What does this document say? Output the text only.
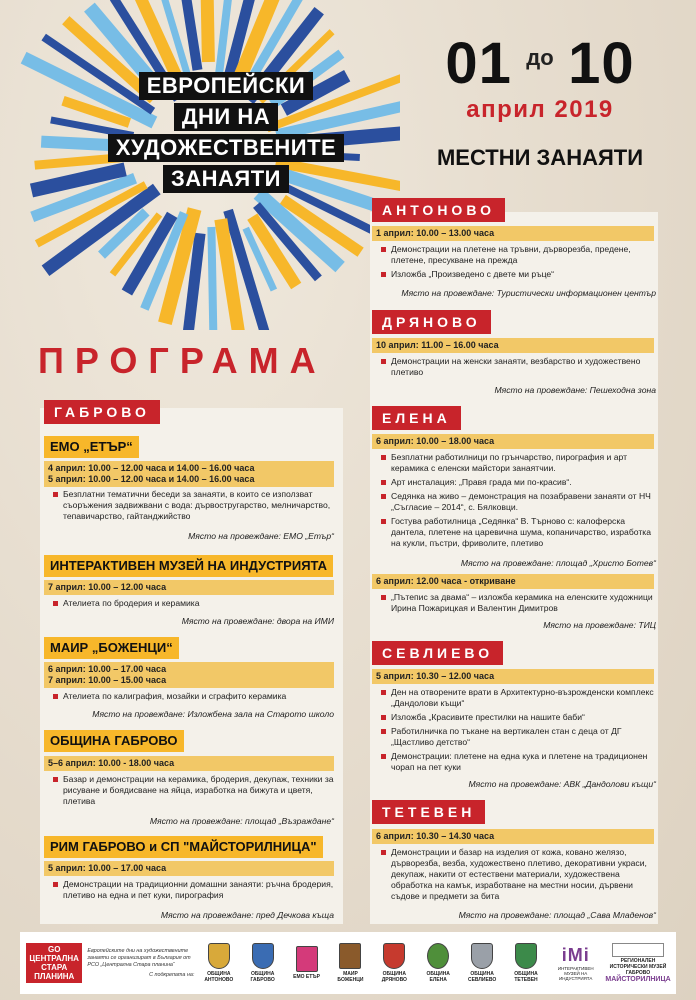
ЕВРОПЕЙСКИ
ДНИ НА
ХУДОЖЕСТВЕНИТЕ
ЗАНАЯТИ
01 до 10
април 2019
МЕСТНИ ЗАНАЯТИ
ПРОГРАМА
ГАБРОВО
ЕМО „ЕТЪР“
4 април: 10.00 – 12.00 часа и 14.00 – 16.00 часа
5 април: 10.00 – 12.00 часа и 14.00 – 16.00 часа
Безплатни тематични беседи за занаяти, в които се използват съоръжения задвижвани с вода: дървостругарство, мелничарство, тепавичарство, гайтанджийство
Място на провеждане: ЕМО „Етър“
ИНТЕРАКТИВЕН МУЗЕЙ НА ИНДУСТРИЯТА
7 април: 10.00 – 12.00 часа
Ателиета по бродерия и керамика
Място на провеждане: двора на ИМИ
МАИР „БОЖЕНЦИ“
6 април: 10.00 – 17.00 часа
7 април: 10.00 – 15.00 часа
Ателиета по калиграфия, мозайки и сграфито керамика
Място на провеждане: Изложбена зала на Старото школо
ОБЩИНА ГАБРОВО
5–6 април: 10.00 - 18.00 часа
Базар и демонстрации на керамика, бродерия, декупаж, техники за рисуване и боядисване на яйца, изработка на бижута и цветя, плетива
Място на провеждане: площад „Възраждане“
РИМ ГАБРОВО и СП "МАЙСТОРИЛНИЦА"
5 април: 10.00 – 17.00 часа
Демонстрации на традиционни домашни занаяти: ръчна бродерия, плетиво на една и пет куки, пирография
Място на провеждане: пред Дечкова къща
АНТОНОВО
1 април: 10.00 – 13.00 часа
Демонстрации на плетене на тръвни, дърворезба, предене, плетене, пресукване на прежда
Изложба „Произведено с двете ми ръце“
Място на провеждане: Туристически информационен център
ДРЯНОВО
10 април: 11.00 – 16.00 часа
Демонстрации на женски занаяти, везбарство и художествено плетиво
Място на провеждане: Пешеходна зона
ЕЛЕНА
6 април: 10.00 – 18.00 часа
Безплатни работилници по грънчарство, пирография и арт керамика с еленски майстори занаятчии.
Арт инсталация: „Правя града ми по-красив“.
Седянка на живо – демонстрация на позабравени занаяти от НЧ „Съгласие – 2014“, с. Бялковци.
Гостува работилница „Седянка“ В. Търново с: калоферска дантела, плетене на царевична шума, копаничарство, изработка на кукли, пъстри, фриволите, плетиво
Място на провеждане: площад „Христо Ботев“
6 април: 12.00 часа - откриване
„Пътепис за двама“ – изложба керамика на еленските художници Ирина Пожарицкая и Валентин Димитров
Място на провеждане: ТИЦ
СЕВЛИЕВО
5 април: 10.30 – 12.00 часа
Ден на отворените врати в Архитектурно-възрожденски комплекс „Дандолови къщи“
Изложба „Красивите престилки на нашите баби“
Работилничка по тъкане на вертикален стан с деца от ДГ „Щастливо детство“
Демонстрации: плетене на една кука и плетене на традиционен чорап на пет куки
Място на провеждане: АВК „Дандолови къщи“
ТЕТЕВЕН
6 април: 10.30 – 14.30 часа
Демонстрации и базар на изделия от кожа, ковано желязо, дърворезба, везба, художествено плетиво, декоративни украси, декупаж, накити от естествени материали, художествена обработка на камък, изработване на местни носии, дървени съдове и предмети за бита
Място на провеждане: площад „Сава Младенов“
GO ЦЕНТРАЛНА СТАРА ПЛАНИНА
Европейските дни на художествените занаяти се организират в България от РСО „Централна Стара планина“
С подкрепата на:	ОБЩИНА АНТОНОВО
ОБЩИНА ГАБРОВО	ЕМО ЕТЪР	МАИР БОЖЕНЦИ
ОБЩИНА ДРЯНОВО
ОБЩИНА ЕЛЕНА
ОБЩИНА СЕВЛИЕВО
ОБЩИНА ТЕТЕВЕН
iMi
ИНТЕРАКТИВЕН МУЗЕЙ НА ИНДУСТРИЯТА
РЕГИОНАЛЕН ИСТОРИЧЕСКИ МУЗЕЙ ГАБРОВО
МАЙСТОРИЛНИЦА
